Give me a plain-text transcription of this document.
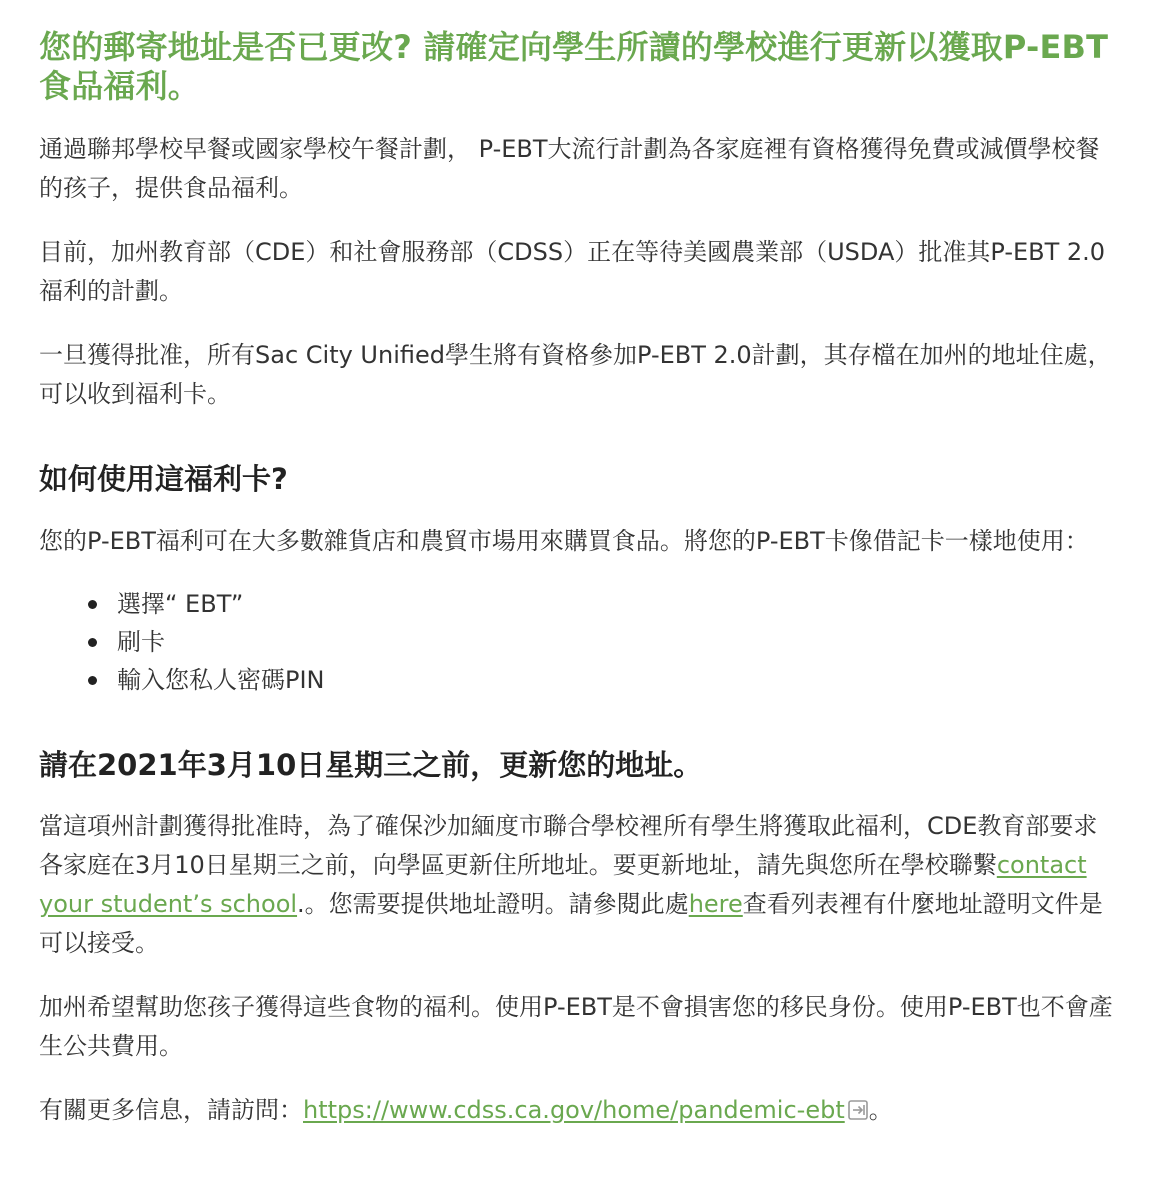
您的郵寄地址是否已更改? 請確定向學生所讀的學校進行更新以獲取P-EBT食品福利。

通過聯邦學校早餐或國家學校午餐計劃， P-EBT大流行計劃為各家庭裡有資格獲得免費或減價學校餐的孩子，提供食品福利。

目前，加州教育部（CDE）和社會服務部（CDSS）正在等待美國農業部（USDA）批准其P-EBT 2.0福利的計劃。

一旦獲得批准，所有Sac City Unified學生將有資格參加P-EBT 2.0計劃，其存檔在加州的地址住處，可以收到福利卡。

如何使用這福利卡?

您的P-EBT福利可在大多數雜貨店和農貿市場用來購買食品。將您的P-EBT卡像借記卡一樣地使用：

選擇“ EBT”
刷卡
輸入您私人密碼PIN
請在2021年3月10日星期三之前，更新您的地址。

當這項州計劃獲得批准時，為了確保沙加緬度市聯合學校裡所有學生將獲取此福利，CDE教育部要求各家庭在3月10日星期三之前，向學區更新住所地址。要更新地址，請先與您所在學校聯繫contact your student’s school.。您需要提供地址證明。請參閱此處here查看列表裡有什麼地址證明文件是可以接受。

加州希望幫助您孩子獲得這些食物的福利。使用P-EBT是不會損害您的移民身份。使用P-EBT也不會產生公共費用。

有關更多信息，請訪問：https://www.cdss.ca.gov/home/pandemic-ebt 。
